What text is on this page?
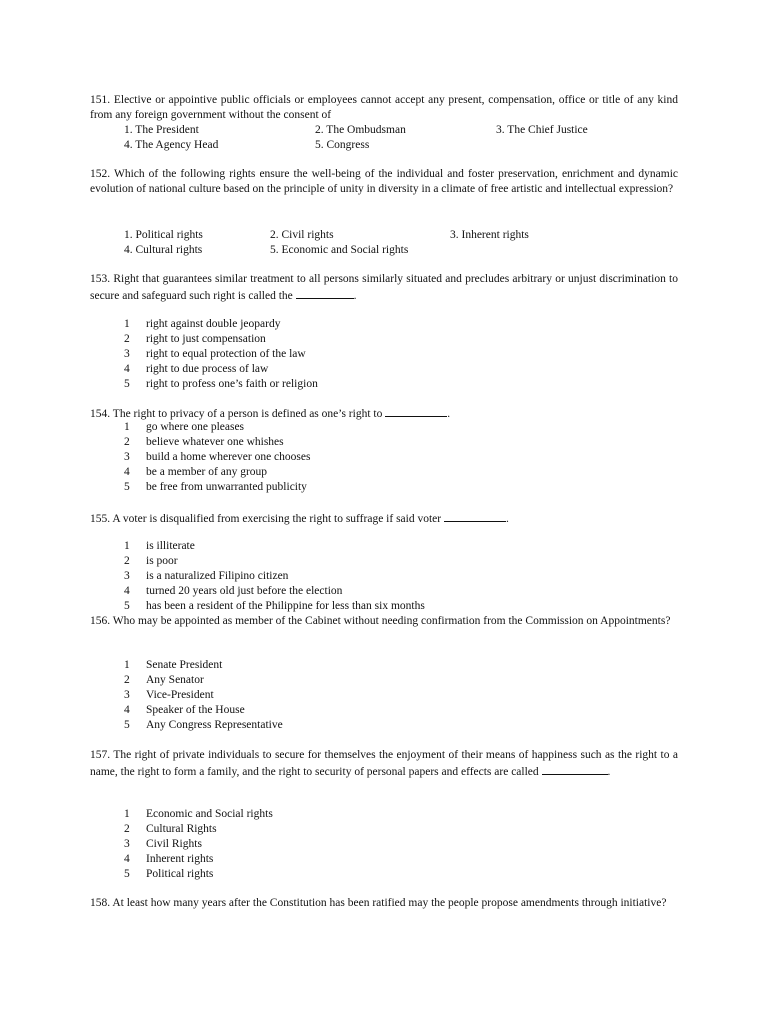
151. Elective or appointive public officials or employees cannot accept any present, compensation, office or title of any kind from any foreign government without the consent of

1. The President	2. The Ombudsman	3. The Chief Justice
4. The Agency Head	5. Congress

152. Which of the following rights ensure the well-being of the individual and foster preservation, enrichment and dynamic evolution of national culture based on the principle of unity in diversity in a climate of free artistic and intellectual expression?

1. Political rights	2. Civil rights	3. Inherent rights
4. Cultural rights	5. Economic and Social rights

153. Right that guarantees similar treatment to all persons similarly situated and precludes arbitrary or unjust discrimination to secure and safeguard such right is called the	.

1 right against double jeopardy
2 right to just compensation
3 right to equal protection of the law
4 right to due process of law
5 right to profess one’s faith or religion

154. The right to privacy of a person is defined as one’s right to	.

1 go where one pleases
2 believe whatever one whishes
3 build a home wherever one chooses
4 be a member of any group
5 be free from unwarranted publicity

155. A voter is disqualified from exercising the right to suffrage if said voter	.

1 is illiterate
2 is poor
3 is a naturalized Filipino citizen
4 turned 20 years old just before the election
5 has been a resident of the Philippine for less than six months

156. Who may be appointed as member of the Cabinet without needing confirmation from the Commission on Appointments?

1 Senate President
2 Any Senator
3 Vice-President
4 Speaker of the House
5 Any Congress Representative

157. The right of private individuals to secure for themselves the enjoyment of their means of happiness such as the right to a name, the right to form a family, and the right to security of personal papers and effects are called	.

1 Economic and Social rights
2 Cultural Rights
3 Civil Rights
4 Inherent rights
5 Political rights

158. At least how many years after the Constitution has been ratified may the people propose amendments through initiative?
